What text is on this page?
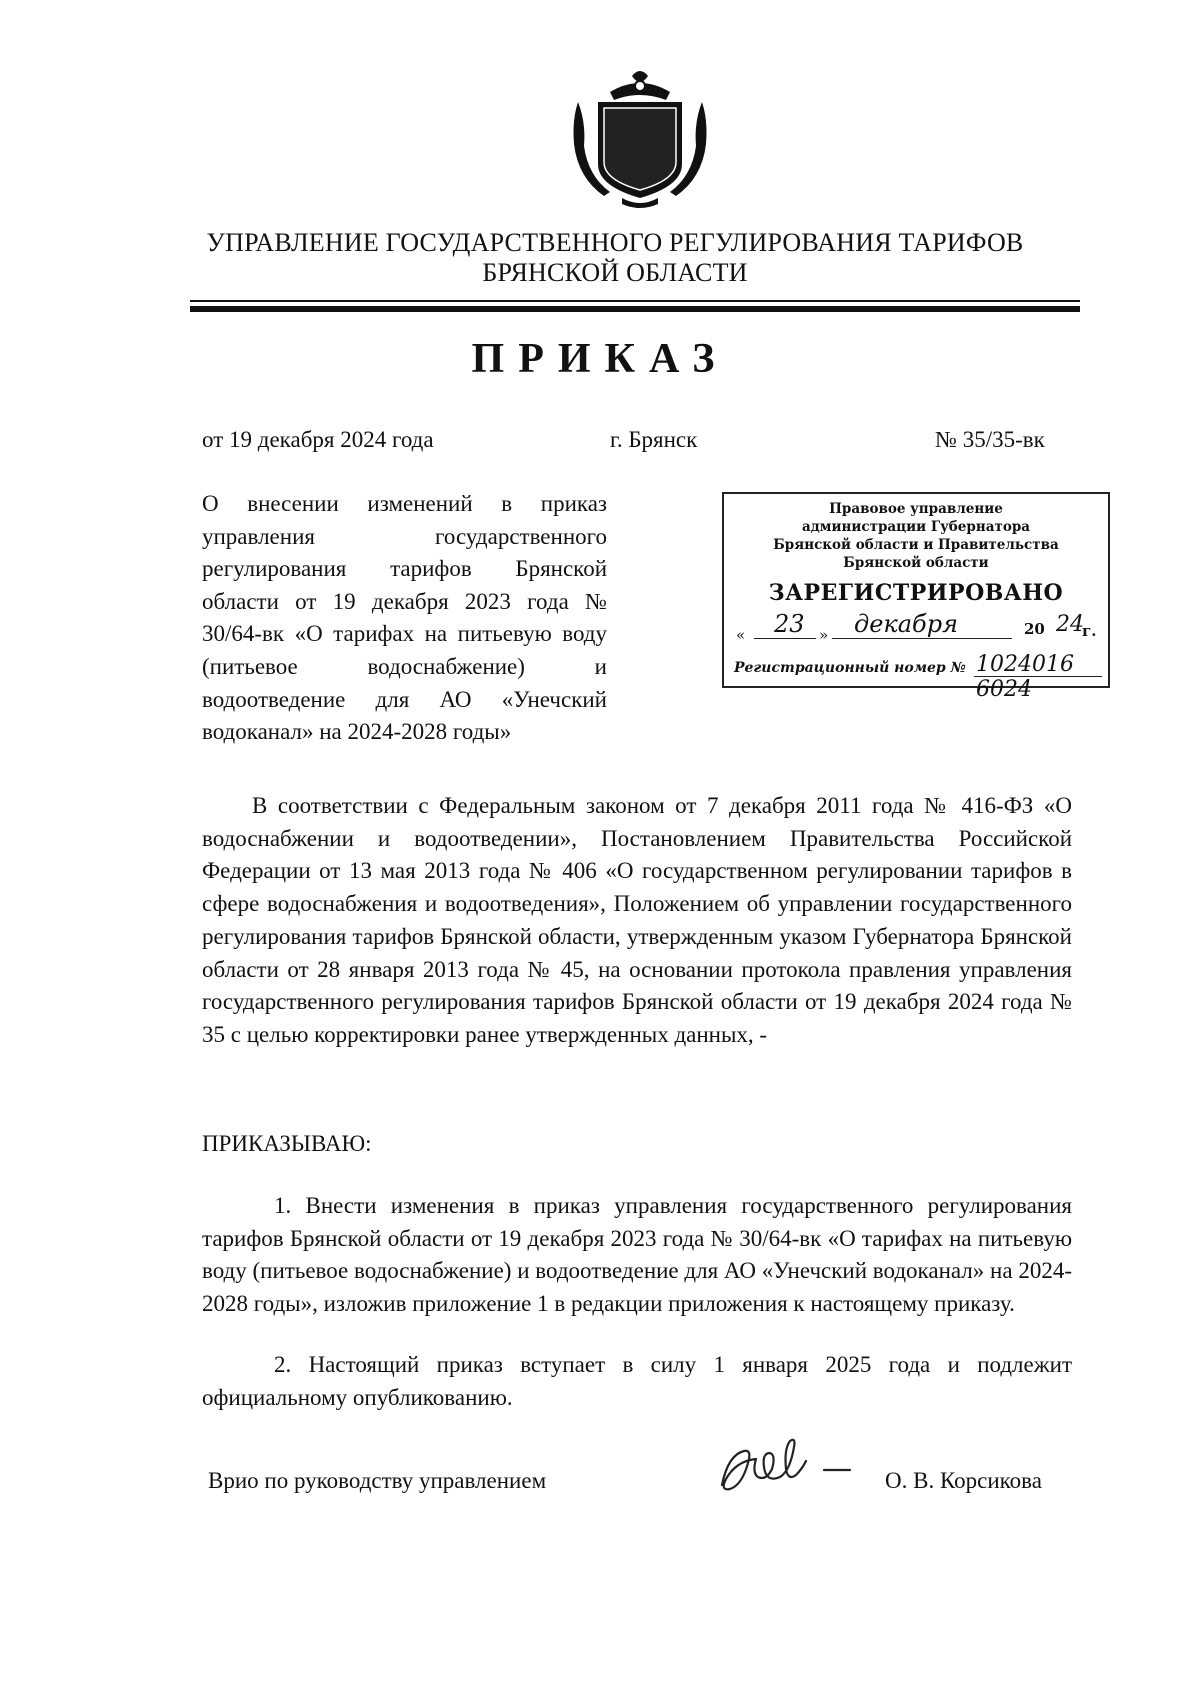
УПРАВЛЕНИЕ ГОСУДАРСТВЕННОГО РЕГУЛИРОВАНИЯ ТАРИФОВ
БРЯНСКОЙ ОБЛАСТИ
ПРИКАЗ
от 19 декабря 2024 года	г. Брянск	№ 35/35-вк
О внесении изменений в приказ управления государственного регулирования тарифов Брянской области от 19 декабря 2023 года № 30/64-вк «О тарифах на питьевую воду (питьевое водоснабжение) и водоотведение для АО «Унечский водоканал» на 2024-2028 годы»
Правовое управление
администрации Губернатора
Брянской области и Правительства
Брянской области
ЗАРЕГИСТРИРОВАНО
« 23 » декабря	20 24
г.
Регистрационный номер № 1024016 6024
В соответствии с Федеральным законом от 7 декабря 2011 года № 416-ФЗ «О водоснабжении и водоотведении», Постановлением Правительства Российской Федерации от 13 мая 2013 года № 406 «О государственном регулировании тарифов в сфере водоснабжения и водоотведения», Положением об управлении государственного регулирования тарифов Брянской области, утвержденным указом Губернатора Брянской области от 28 января 2013 года № 45, на основании протокола правления управления государственного регулирования тарифов Брянской области от 19 декабря 2024 года № 35 с целью корректировки ранее утвержденных данных, -
ПРИКАЗЫВАЮ:
1. Внести изменения в приказ управления государственного регулирования тарифов Брянской области от 19 декабря 2023 года № 30/64-вк «О тарифах на питьевую воду (питьевое водоснабжение) и водоотведение для АО «Унечский водоканал» на 2024-2028 годы», изложив приложение 1 в редакции приложения к настоящему приказу.
2. Настоящий приказ вступает в силу 1 января 2025 года и подлежит официальному опубликованию.
Врио по руководству управлением	О. В. Корсикова
